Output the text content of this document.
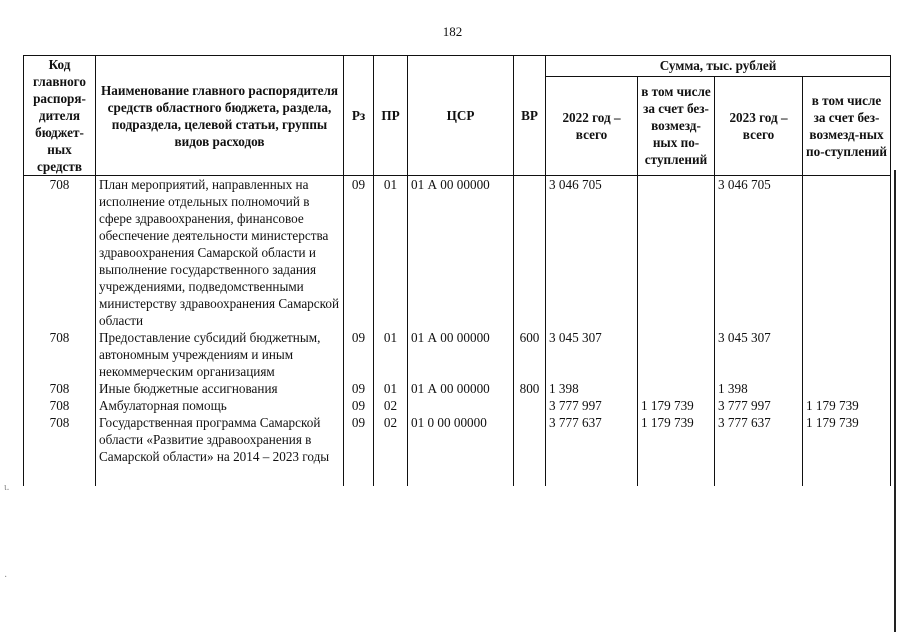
182
ι.
·
Код главного распоря-дителя бюджет-ных средств	Наименование главного распорядителя средств областного бюджета, раздела, подраздела, целевой статьи, группы видов расходов	Рз	ПР	ЦСР	ВР	Сумма, тыс. рублей			
						2022 год – всего	в том числе за счет без-возмезд-ных по-ступлений	2023 год – всего	в том числе за счет без-возмезд-ных по-ступлений
708	План мероприятий, направленных на исполнение отдельных полномочий в сфере здравоохранения, финансовое обеспечение деятельности министерства здравоохранения Самарской области и выполнение государственного задания учреждениями, подведомственными министерству здравоохранения Самарской области	09	01	01 А 00 00000		3 046 705		3 046 705	
708	Предоставление субсидий бюджетным, автономным учреждениям и иным некоммерческим организациям	09	01	01 А 00 00000	600	3 045 307		3 045 307	
708	Иные бюджетные ассигнования	09	01	01 А 00 00000	800	1 398		1 398	
708	Амбулаторная помощь	09	02			3 777 997	1 179 739	3 777 997	1 179 739
708	Государственная программа Самарской области «Развитие здравоохранения в Самарской области» на 2014 – 2023 годы	09	02	01 0 00 00000		3 777 637	1 179 739	3 777 637	1 179 739
